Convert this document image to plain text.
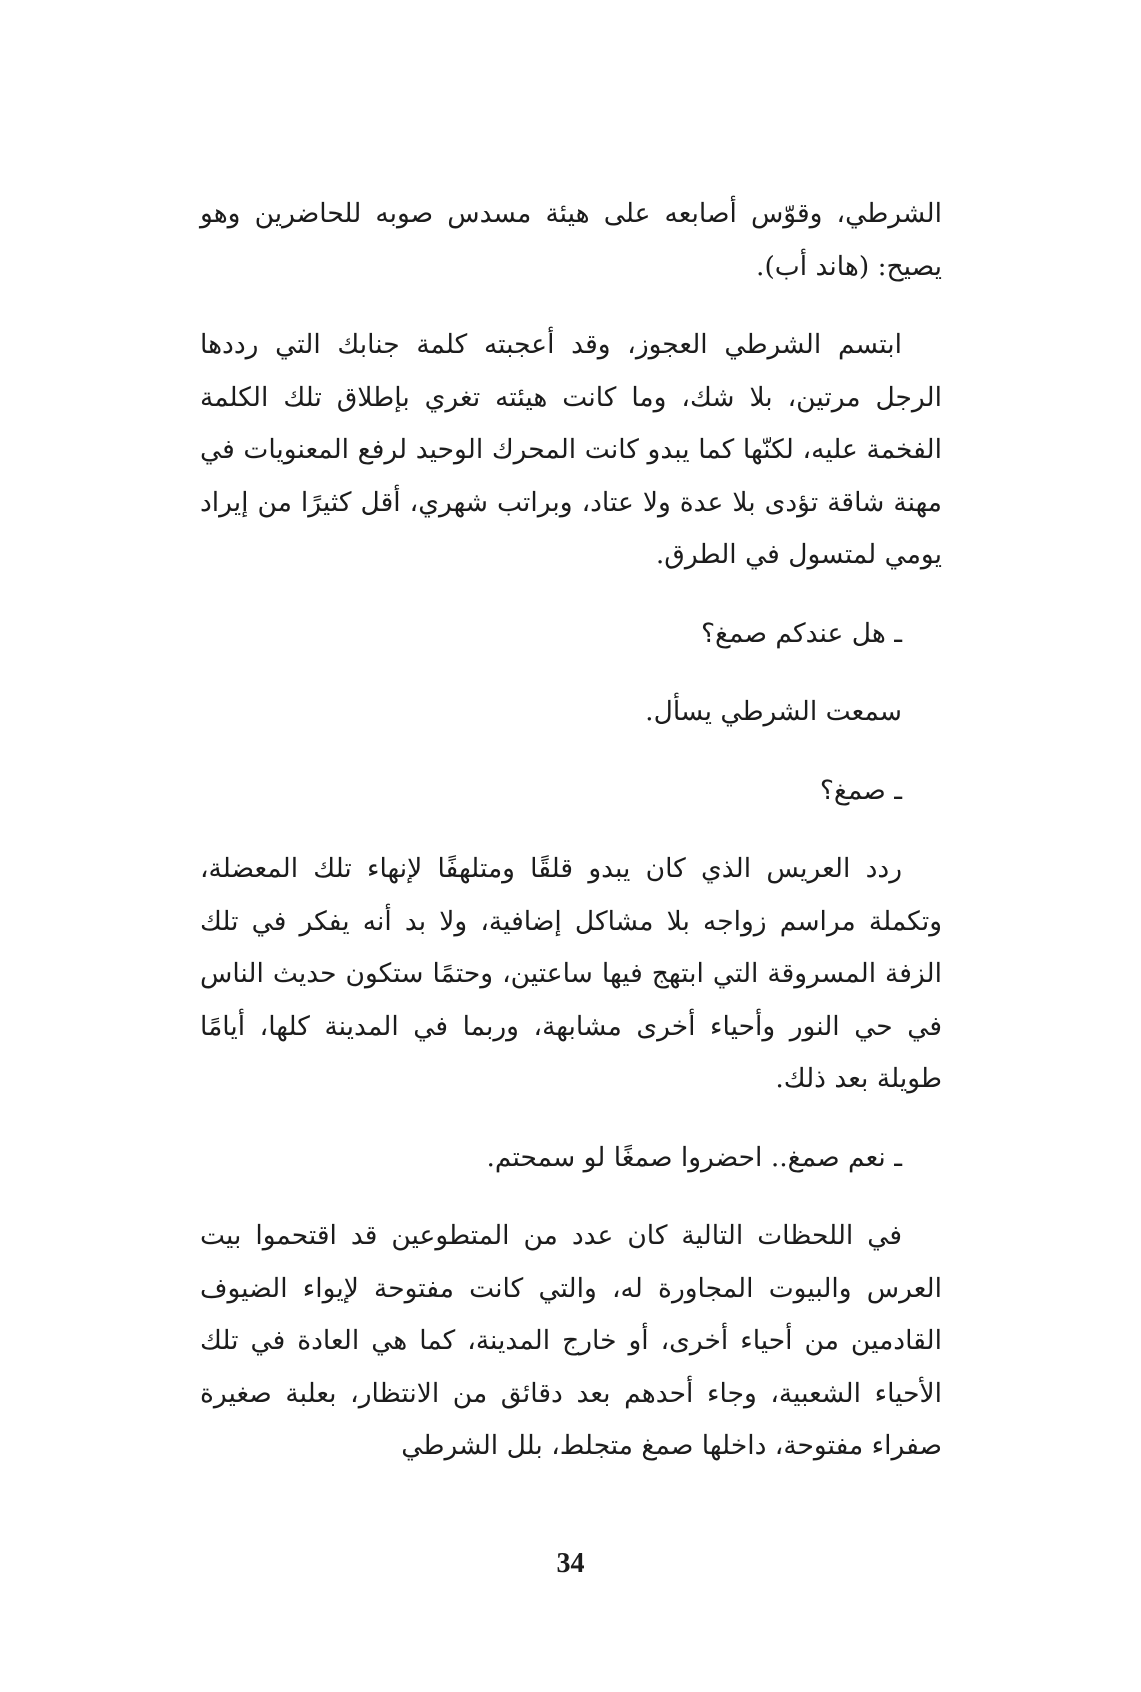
الشرطي، وقوّس أصابعه على هيئة مسدس صوبه للحاضرين وهو يصيح: (هاند أب).

ابتسم الشرطي العجوز، وقد أعجبته كلمة جنابك التي رددها الرجل مرتين، بلا شك، وما كانت هيئته تغري بإطلاق تلك الكلمة الفخمة عليه، لكنّها كما يبدو كانت المحرك الوحيد لرفع المعنويات في مهنة شاقة تؤدى بلا عدة ولا عتاد، وبراتب شهري، أقل كثيرًا من إيراد يومي لمتسول في الطرق.

ـ هل عندكم صمغ؟

سمعت الشرطي يسأل.

ـ صمغ؟

ردد العريس الذي كان يبدو قلقًا ومتلهفًا لإنهاء تلك المعضلة، وتكملة مراسم زواجه بلا مشاكل إضافية، ولا بد أنه يفكر في تلك الزفة المسروقة التي ابتهج فيها ساعتين، وحتمًا ستكون حديث الناس في حي النور وأحياء أخرى مشابهة، وربما في المدينة كلها، أيامًا طويلة بعد ذلك.

ـ نعم صمغ.. احضروا صمغًا لو سمحتم.

في اللحظات التالية كان عدد من المتطوعين قد اقتحموا بيت العرس والبيوت المجاورة له، والتي كانت مفتوحة لإيواء الضيوف القادمين من أحياء أخرى، أو خارج المدينة، كما هي العادة في تلك الأحياء الشعبية، وجاء أحدهم بعد دقائق من الانتظار، بعلبة صغيرة صفراء مفتوحة، داخلها صمغ متجلط، بلل الشرطي

34
